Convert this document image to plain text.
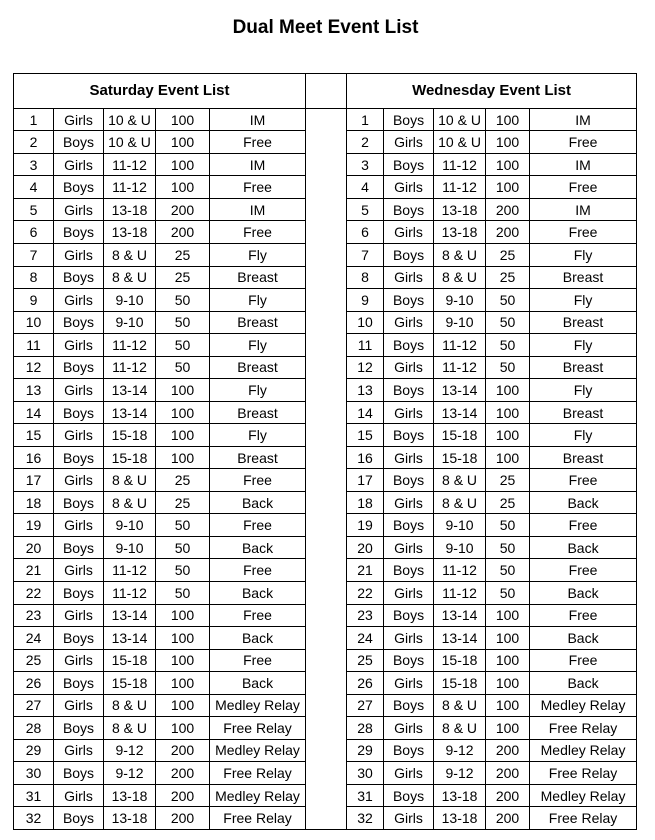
Dual Meet Event List
Saturday Event List						Wednesday Event List				
1	Girls	10 & U	100	IM		1	Boys	10 & U	100	IM
2	Boys	10 & U	100	Free		2	Girls	10 & U	100	Free
3	Girls	11-12	100	IM		3	Boys	11-12	100	IM
4	Boys	11-12	100	Free		4	Girls	11-12	100	Free
5	Girls	13-18	200	IM		5	Boys	13-18	200	IM
6	Boys	13-18	200	Free		6	Girls	13-18	200	Free
7	Girls	8 & U	25	Fly		7	Boys	8 & U	25	Fly
8	Boys	8 & U	25	Breast		8	Girls	8 & U	25	Breast
9	Girls	9-10	50	Fly		9	Boys	9-10	50	Fly
10	Boys	9-10	50	Breast		10	Girls	9-10	50	Breast
11	Girls	11-12	50	Fly		11	Boys	11-12	50	Fly
12	Boys	11-12	50	Breast		12	Girls	11-12	50	Breast
13	Girls	13-14	100	Fly		13	Boys	13-14	100	Fly
14	Boys	13-14	100	Breast		14	Girls	13-14	100	Breast
15	Girls	15-18	100	Fly		15	Boys	15-18	100	Fly
16	Boys	15-18	100	Breast		16	Girls	15-18	100	Breast
17	Girls	8 & U	25	Free		17	Boys	8 & U	25	Free
18	Boys	8 & U	25	Back		18	Girls	8 & U	25	Back
19	Girls	9-10	50	Free		19	Boys	9-10	50	Free
20	Boys	9-10	50	Back		20	Girls	9-10	50	Back
21	Girls	11-12	50	Free		21	Boys	11-12	50	Free
22	Boys	11-12	50	Back		22	Girls	11-12	50	Back
23	Girls	13-14	100	Free		23	Boys	13-14	100	Free
24	Boys	13-14	100	Back		24	Girls	13-14	100	Back
25	Girls	15-18	100	Free		25	Boys	15-18	100	Free
26	Boys	15-18	100	Back		26	Girls	15-18	100	Back
27	Girls	8 & U	100	Medley Relay		27	Boys	8 & U	100	Medley Relay
28	Boys	8 & U	100	Free Relay		28	Girls	8 & U	100	Free Relay
29	Girls	9-12	200	Medley Relay		29	Boys	9-12	200	Medley Relay
30	Boys	9-12	200	Free Relay		30	Girls	9-12	200	Free Relay
31	Girls	13-18	200	Medley Relay		31	Boys	13-18	200	Medley Relay
32	Boys	13-18	200	Free Relay		32	Girls	13-18	200	Free Relay
